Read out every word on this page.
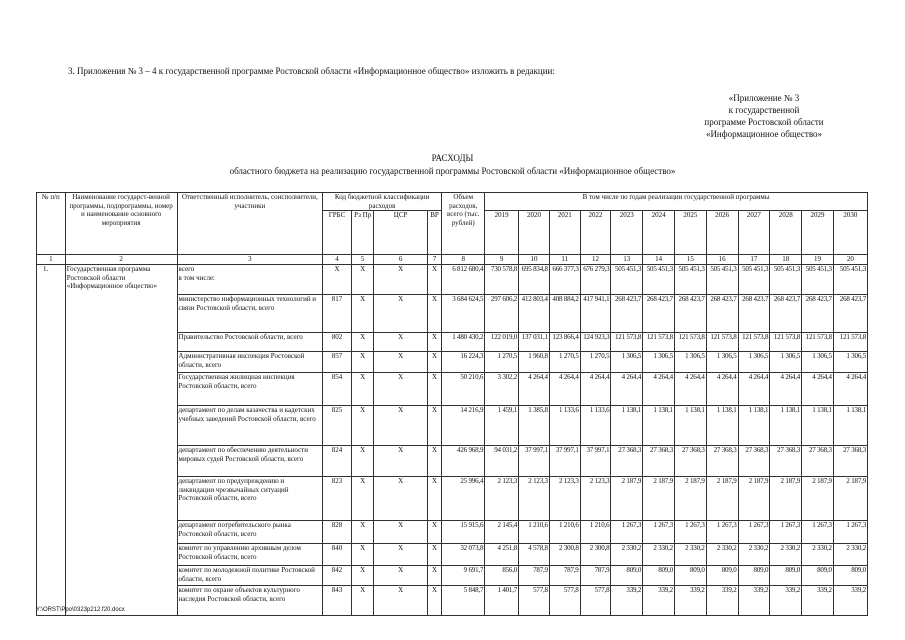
3. Приложения № 3 – 4 к государственной программе Ростовской области «Информационное общество» изложить в редакции:
«Приложение № 3
к государственной
программе Ростовской области
«Информационное общество»
РАСХОДЫ
областного бюджета на реализацию государственной программы Ростовской области «Информационное общество»
№ п/п	Наименование государст-венной программы, подпрограммы, номер и наименование основного мероприятия	Ответственный исполнитель, соисполнители, участники	Код бюджетной классификации расходов				Объем расходов, всего (тыс. рублей)	В том числе по годам реализации государственной программы											
			ГРБС	Рз Пр	ЦСР	ВР		2019	2020	2021	2022	2023	2024	2025	2026	2027	2028	2029	2030
1	2	3	4	5	6	7	8	9	10	11	12	13	14	15	16	17	18	19	20
1.	Государственная программа Ростовской области «Информационное общество»	всего
в том числе:	X	X	X	X	6 812 680,4	730 578,8	695 834,8	666 377,3	676 279,3	505 451,3	505 451,3	505 451,3	505 451,3	505 451,3	505 451,3	505 451,3	505 451,3

		министерство информационных технологий и связи Ростовской области, всего	817	X	X	X	3 684 624,5	297 606,2	412 803,4	408 884,2	417 941,1	268 423,7	268 423,7	268 423,7	268 423,7	268 423,7	268 423,7	268 423,7	268 423,7

		Правительство Ростовской области, всего	802	X	X	X	1 480 430,2	122 019,0	137 031,1	123 866,4	124 923,3	121 573,8	121 573,8	121 573,8	121 573,8	121 573,8	121 573,8	121 573,8	121 573,8

		Административная инспекция Ростовской области, всего	857	X	X	X	16 224,3	1 270,5	1 960,8	1 270,5	1 270,5	1 306,5	1 306,5	1 306,5	1 306,5	1 306,5	1 306,5	1 306,5	1 306,5

		Государственная жилищная инспекция Ростовской области, всего	854	X	X	X	50 210,6	3 302,2	4 264,4	4 264,4	4 264,4	4 264,4	4 264,4	4 264,4	4 264,4	4 264,4	4 264,4	4 264,4	4 264,4

		департамент по делам казачества и кадетских учебных заведений Ростовской области, всего	825	X	X	X	14 216,9	1 459,1	1 385,8	1 133,6	1 133,6	1 138,1	1 138,1	1 138,1	1 138,1	1 138,1	1 138,1	1 138,1	1 138,1

		департамент по обеспечению деятельности мировых судей Ростовской области, всего	824	X	X	X	426 968,9	94 031,2	37 997,1	37 997,1	37 997,1	27 368,3	27 368,3	27 368,3	27 368,3	27 368,3	27 368,3	27 368,3	27 368,3

		департамент по предупреждению и ликвидации чрезвычайных ситуаций Ростовской области, всего	823	X	X	X	25 996,4	2 123,3	2 123,3	2 123,3	2 123,3	2 187,9	2 187,9	2 187,9	2 187,9	2 187,9	2 187,9	2 187,9	2 187,9

		департамент потребительского рынка Ростовской области, всего	828	X	X	X	15 915,6	2 145,4	1 210,6	1 210,6	1 210,6	1 267,3	1 267,3	1 267,3	1 267,3	1 267,3	1 267,3	1 267,3	1 267,3

		комитет по управлению архивным делом Ростовской области, всего	840	X	X	X	32 073,8	4 251,8	4 578,8	2 300,8	2 300,8	2 330,2	2 330,2	2 330,2	2 330,2	2 330,2	2 330,2	2 330,2	2 330,2

		комитет по молодежной политике Ростовской области, всего	842	X	X	X	9 691,7	856,0	787,9	787,9	787,9	809,0	809,0	809,0	809,0	809,0	809,0	809,0	809,0

		комитет по охране объектов культурного наследия Ростовской области, всего	843	X	X	X	5 848,7	1 401,7	577,8	577,8	577,8	339,2	339,2	339,2	339,2	339,2	339,2	339,2	339,2
Y:\ORST\Ppo\0323p212.f20.docx
